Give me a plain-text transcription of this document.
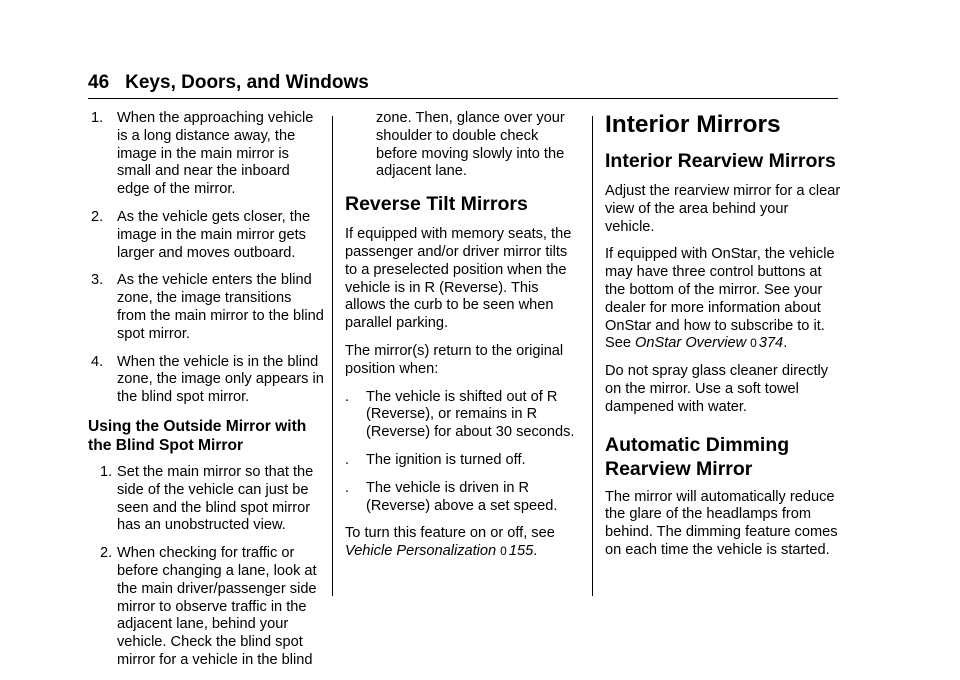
46 Keys, Doors, and Windows
1. When the approaching vehicle is a long distance away, the image in the main mirror is small and near the inboard edge of the mirror.
2. As the vehicle gets closer, the image in the main mirror gets larger and moves outboard.
3. As the vehicle enters the blind zone, the image transitions from the main mirror to the blind spot mirror.
4. When the vehicle is in the blind zone, the image only appears in the blind spot mirror.
Using the Outside Mirror with the Blind Spot Mirror
1. Set the main mirror so that the side of the vehicle can just be seen and the blind spot mirror has an unobstructed view.
2. When checking for traffic or before changing a lane, look at the main driver/passenger side mirror to observe traffic in the adjacent lane, behind your vehicle. Check the blind spot mirror for a vehicle in the blind

zone. Then, glance over your shoulder to double check before moving slowly into the adjacent lane.

Reverse Tilt Mirrors

If equipped with memory seats, the passenger and/or driver mirror tilts to a preselected position when the vehicle is in R (Reverse). This allows the curb to be seen when parallel parking.

The mirror(s) return to the original position when:

. The vehicle is shifted out of R (Reverse), or remains in R (Reverse) for about 30 seconds.
. The ignition is turned off.
. The vehicle is driven in R (Reverse) above a set speed.

To turn this feature on or off, see
Vehicle Personalization 0 155.

Interior Mirrors
Interior Rearview Mirrors

Adjust the rearview mirror for a clear view of the area behind your vehicle.

If equipped with OnStar, the vehicle may have three control buttons at the bottom of the mirror. See your dealer for more information about OnStar and how to subscribe to it. See OnStar Overview 0 374.

Do not spray glass cleaner directly on the mirror. Use a soft towel dampened with water.

Automatic Dimming Rearview Mirror

The mirror will automatically reduce the glare of the headlamps from behind. The dimming feature comes on each time the vehicle is started.
